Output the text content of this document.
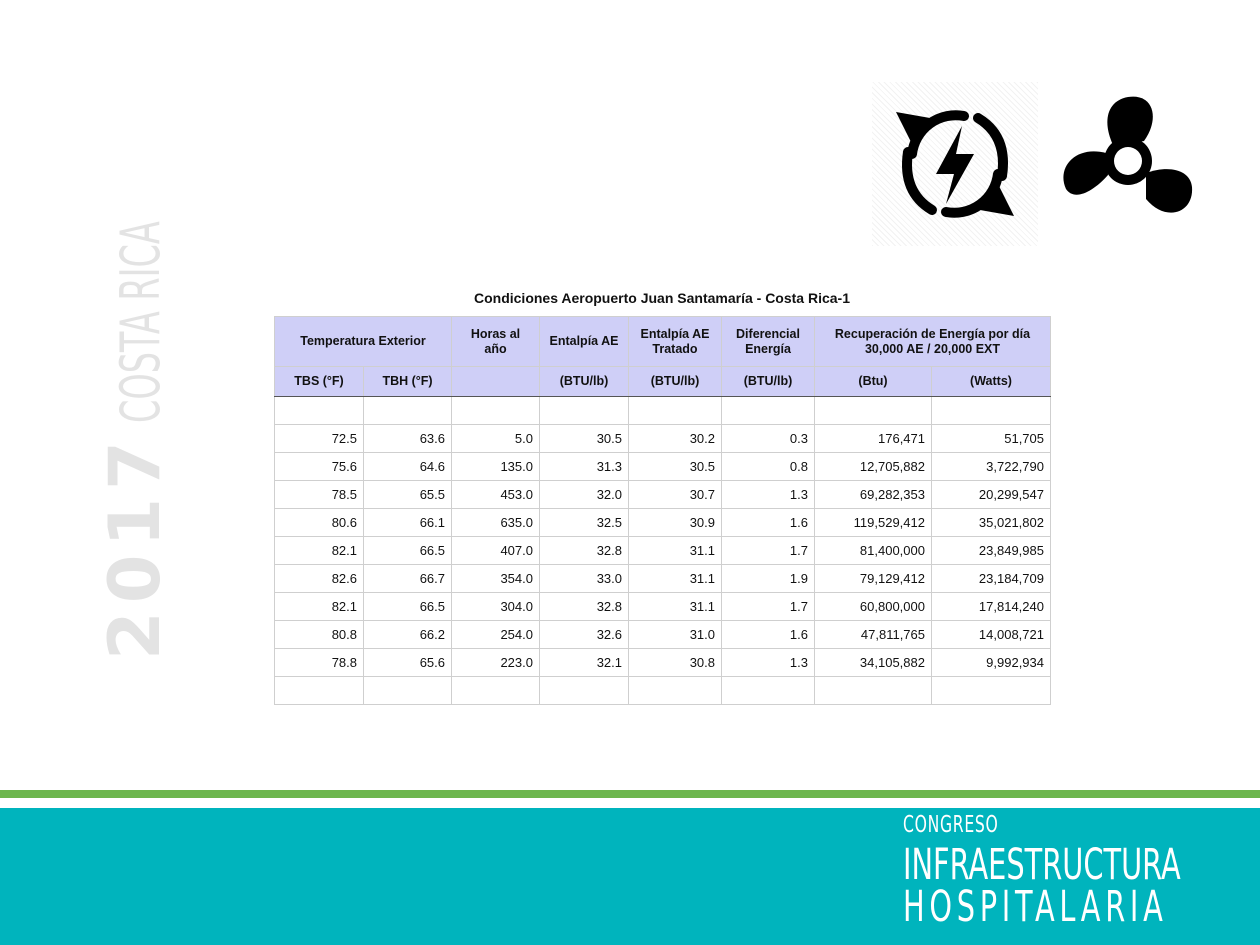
2017COSTA RICA	Condiciones Aeropuerto Juan Santamaría - Costa Rica-1
Temperatura Exterior		Horas al año	Entalpía AE	Entalpía AE Tratado	Diferencial Energía	Recuperación de Energía por día
30,000 AE / 20,000 EXT	
TBS (°F)	TBH (°F)		(BTU/lb)	(BTU/lb)	(BTU/lb)	(Btu)	(Watts)

72.5	63.6	5.0	30.5	30.2	0.3	176,471	51,705
75.6	64.6	135.0	31.3	30.5	0.8	12,705,882	3,722,790
78.5	65.5	453.0	32.0	30.7	1.3	69,282,353	20,299,547
80.6	66.1	635.0	32.5	30.9	1.6	119,529,412	35,021,802
82.1	66.5	407.0	32.8	31.1	1.7	81,400,000	23,849,985
82.6	66.7	354.0	33.0	31.1	1.9	79,129,412	23,184,709
82.1	66.5	304.0	32.8	31.1	1.7	60,800,000	17,814,240
80.8	66.2	254.0	32.6	31.0	1.6	47,811,765	14,008,721
78.8	65.6	223.0	32.1	30.8	1.3	34,105,882	9,992,934

CONGRESO
INFRAESTRUCTURA
HOSPITALARIA
